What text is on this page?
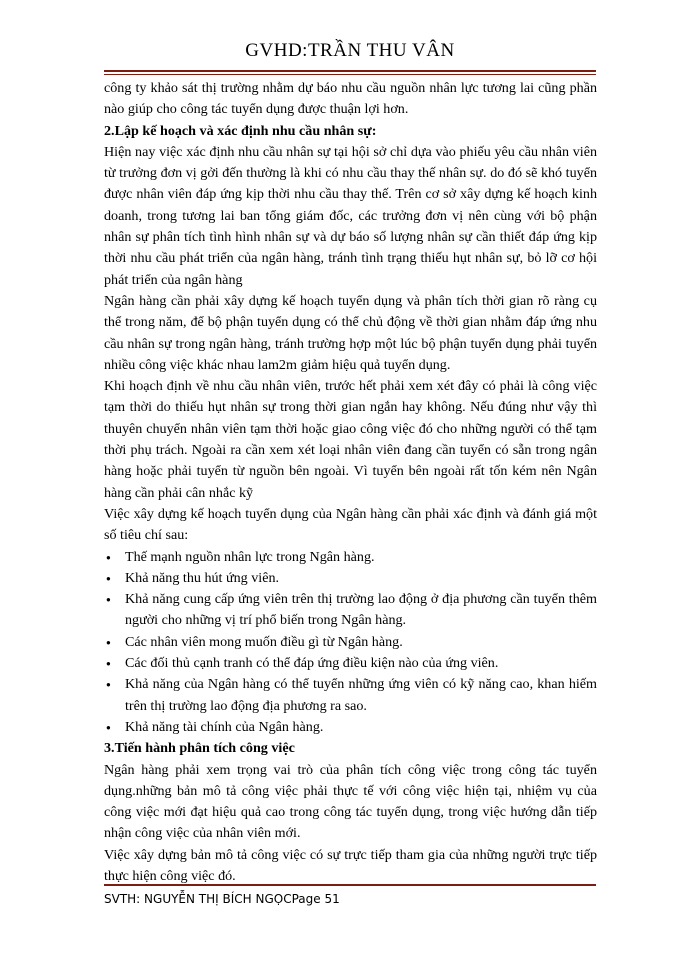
GVHD:TRẦN THU VÂN

công ty khảo sát thị trường nhằm dự báo nhu cầu nguồn nhân lực tương lai cũng phần nào giúp cho công tác tuyển dụng được thuận lợi hơn.

2.Lập kế hoạch và xác định nhu cầu nhân sự:

Hiện nay việc xác định nhu cầu nhân sự tại hội sở chỉ dựa vào phiếu yêu cầu nhân viên từ trưởng đơn vị gởi đến thường là khi có nhu cầu thay thế nhân sự. do đó sẽ khó tuyển được nhân viên đáp ứng kịp thời nhu cầu thay thế. Trên cơ sở xây dựng kế hoạch kinh doanh, trong tương lai ban tổng giám đốc, các trưởng đơn vị nên cùng với bộ phận nhân sự phân tích tình hình nhân sự và dự báo số lượng nhân sự cần thiết đáp ứng kịp thời nhu cầu phát triển của ngân hàng, tránh tình trạng thiếu hụt nhân sự, bỏ lỡ cơ hội phát triển của ngân hàng

Ngân hàng cần phải xây dựng kế hoạch tuyển dụng và phân tích thời gian rõ ràng cụ thể trong năm, để bộ phận tuyển dụng có thể chủ động về thời gian nhằm đáp ứng nhu cầu nhân sự trong ngân hàng, tránh trường hợp một lúc bộ phận tuyển dụng phải tuyển nhiều công việc khác nhau lam2m giảm hiệu quả tuyển dụng.

Khi hoạch định về nhu cầu nhân viên, trước hết phải xem xét đây có phải là công việc tạm thời do thiếu hụt nhân sự trong thời gian ngắn hay không. Nếu đúng như vậy thì thuyên chuyển nhân viên tạm thời hoặc giao công việc đó cho những người có thể tạm thời phụ trách. Ngoài ra cần xem xét loại nhân viên đang cần tuyển có sẵn trong ngân hàng hoặc phải tuyển từ nguồn bên ngoài. Vì tuyển bên ngoài rất tốn kém nên Ngân hàng cần phải cân nhắc kỹ

Việc xây dựng kế hoạch tuyển dụng của Ngân hàng cần phải xác định và đánh giá một số tiêu chí sau:

● Thế mạnh nguồn nhân lực trong Ngân hàng.
● Khả năng thu hút ứng viên.
● Khả năng cung cấp ứng viên trên thị trường lao động ở địa phương cần tuyển thêm người cho những vị trí phổ biến trong Ngân hàng.
● Các nhân viên mong muốn điều gì từ Ngân hàng.
● Các đối thủ cạnh tranh có thể đáp ứng điều kiện nào của ứng viên.
● Khả năng của Ngân hàng có thể tuyển những ứng viên có kỹ năng cao, khan hiếm trên thị trường lao động địa phương ra sao.
● Khả năng tài chính của Ngân hàng.
3.Tiến hành phân tích công việc

Ngân hàng phải xem trọng vai trò của phân tích công việc trong công tác tuyển dụng.những bản mô tả công việc phải thực tế với công việc hiện tại, nhiệm vụ của công việc mới đạt hiệu quả cao trong công tác tuyển dụng, trong việc hướng dẫn tiếp nhận công việc của nhân viên mới.

Việc xây dựng bản mô tả công việc có sự trực tiếp tham gia của những người trực tiếp thực hiện công việc đó.

SVTH: NGUYỄN THỊ BÍCH NGỌCPage 51
